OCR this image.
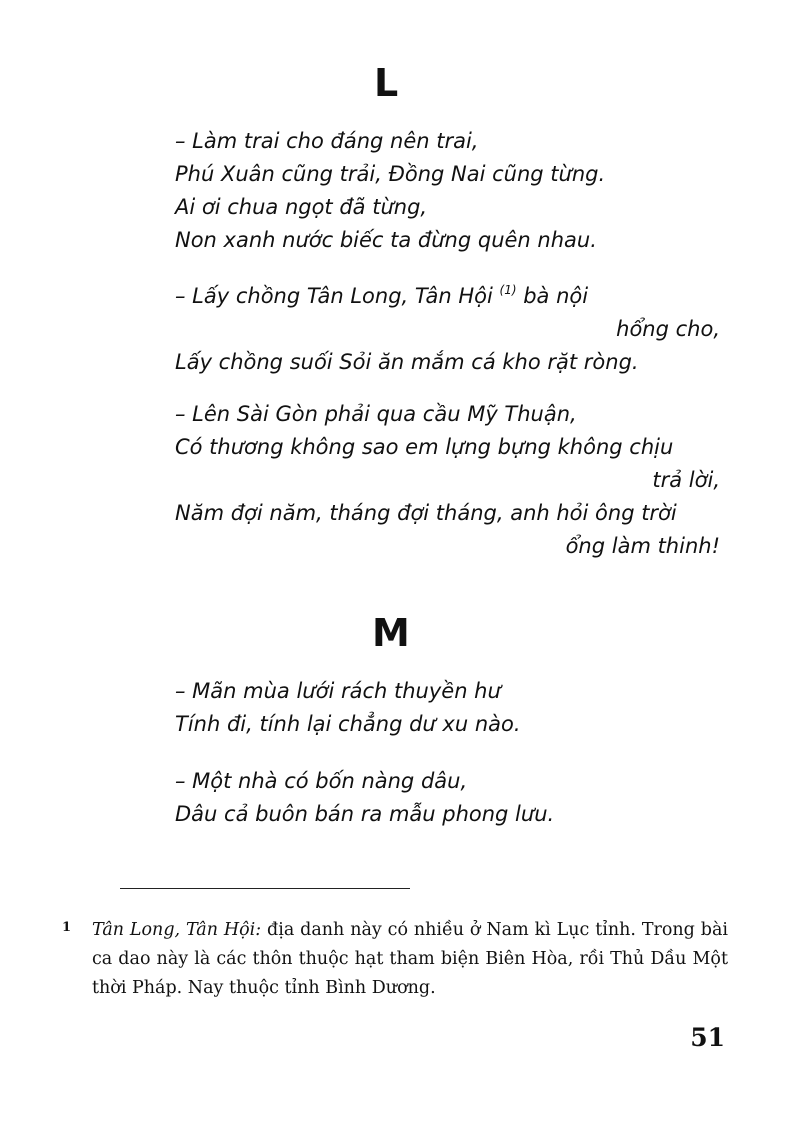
L
– Làm trai cho đáng nên trai,
Phú Xuân cũng trải, Đồng Nai cũng từng.
Ai ơi chua ngọt đã từng,
Non xanh nước biếc ta đừng quên nhau.
– Lấy chồng Tân Long, Tân Hội $^{(1)}$ bà nội
hổng cho,
Lấy chồng suối Sỏi ăn mắm cá kho rặt ròng.
– Lên Sài Gòn phải qua cầu Mỹ Thuận,
Có thương không sao em lựng bựng không chịu
trả lời,
Năm đợi năm, tháng đợi tháng, anh hỏi ông trời
ổng làm thinh!
M
– Mãn mùa lưới rách thuyền hư
Tính đi, tính lại chẳng dư xu nào.
– Một nhà có bốn nàng dâu,
Dâu cả buôn bán ra mẫu phong lưu.
1 Tân Long, Tân Hội: địa danh này có nhiều ở Nam kì Lục tỉnh. Trong bài ca dao này là các thôn thuộc hạt tham biện Biên Hòa, rồi Thủ Dầu Một thời Pháp. Nay thuộc tỉnh Bình Dương.
51
